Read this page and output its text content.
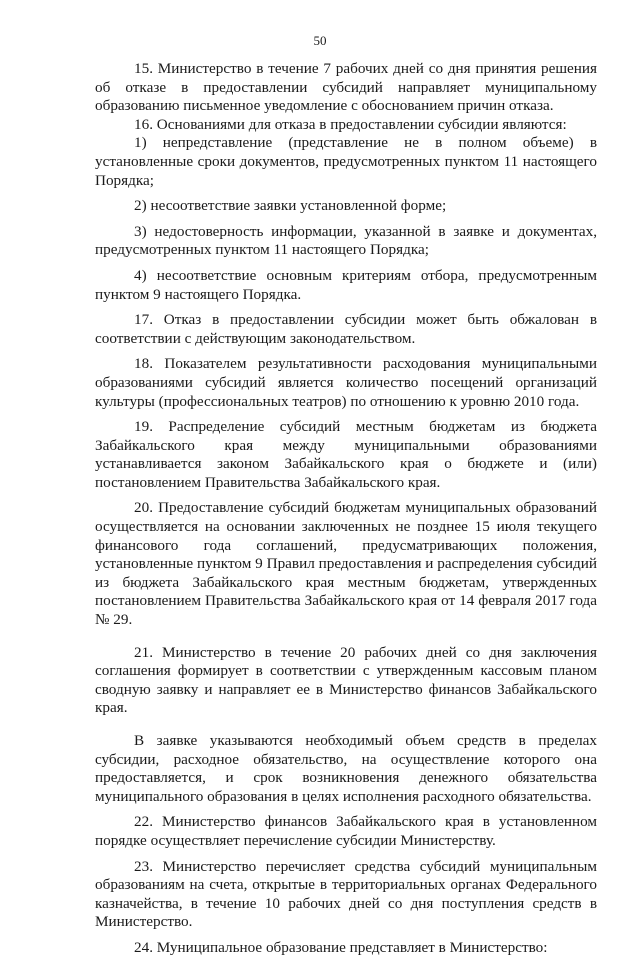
50

15. Министерство в течение 7 рабочих дней со дня принятия решения об отказе в предоставлении субсидий направляет муниципальному образованию письменное уведомление с обоснованием причин отказа.

16. Основаниями для отказа в предоставлении субсидии являются:

1) непредставление (представление не в полном объеме) в установленные сроки документов, предусмотренных пунктом 11 настоящего Порядка;

2) несоответствие заявки установленной форме;

3) недостоверность информации, указанной в заявке и документах, предусмотренных пунктом 11 настоящего Порядка;

4) несоответствие основным критериям отбора, предусмотренным пунктом 9 настоящего Порядка.

17. Отказ в предоставлении субсидии может быть обжалован в соответствии с действующим законодательством.

18. Показателем результативности расходования муниципальными образованиями субсидий является количество посещений организаций культуры (профессиональных театров) по отношению к уровню 2010 года.

19. Распределение субсидий местным бюджетам из бюджета Забайкальского края между муниципальными образованиями устанавливается законом Забайкальского края о бюджете и (или) постановлением Правительства Забайкальского края.

20. Предоставление субсидий бюджетам муниципальных образований осуществляется на основании заключенных не позднее 15 июля текущего финансового года соглашений, предусматривающих положения, установленные пунктом 9 Правил предоставления и распределения субсидий из бюджета Забайкальского края местным бюджетам, утвержденных постановлением Правительства Забайкальского края от 14 февраля 2017 года № 29.

21. Министерство в течение 20 рабочих дней со дня заключения соглашения формирует в соответствии с утвержденным кассовым планом сводную заявку и направляет ее в Министерство финансов Забайкальского края.

В заявке указываются необходимый объем средств в пределах субсидии, расходное обязательство, на осуществление которого она предоставляется, и срок возникновения денежного обязательства муниципального образования в целях исполнения расходного обязательства.

22. Министерство финансов Забайкальского края в установленном порядке осуществляет перечисление субсидии Министерству.

23. Министерство перечисляет средства субсидий муниципальным образованиям на счета, открытые в территориальных органах Федерального казначейства, в течение 10 рабочих дней со дня поступления средств в Министерство.

24. Муниципальное образование представляет в Министерство:
